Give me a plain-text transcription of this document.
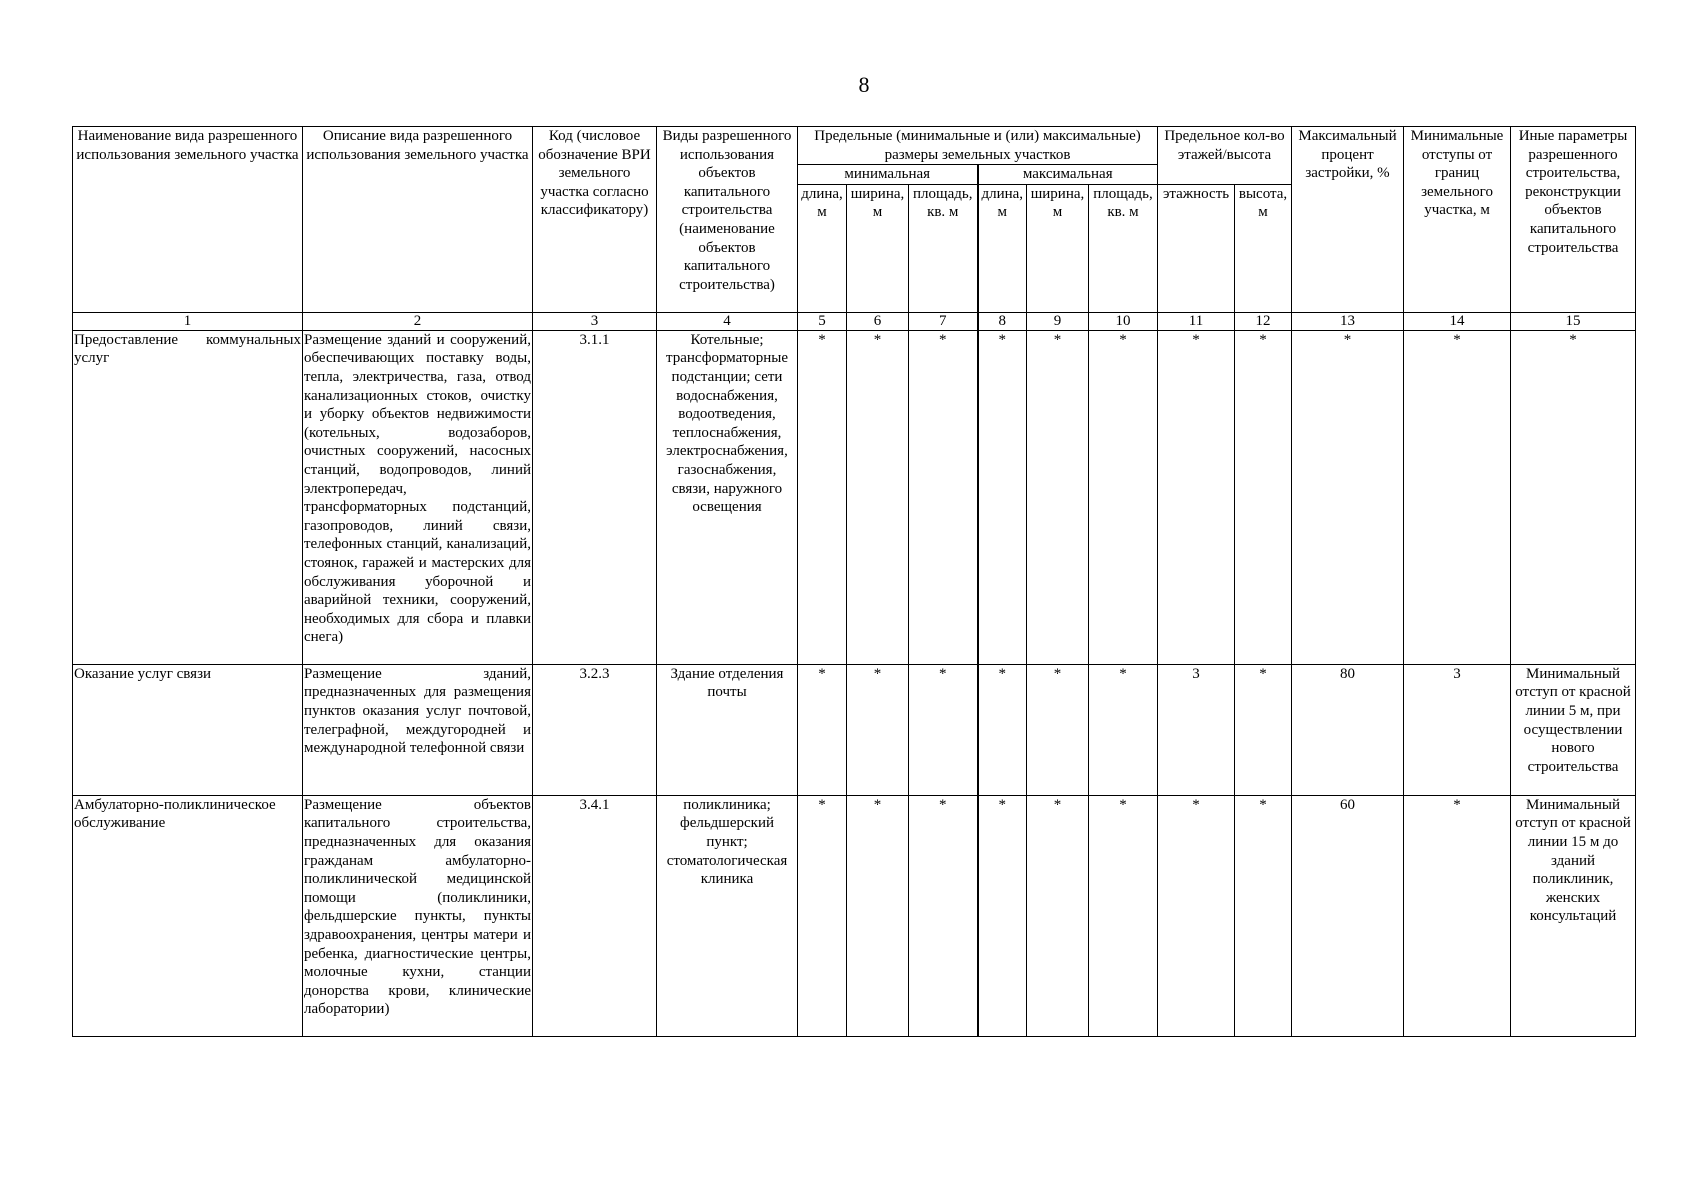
8
Наименование вида разрешенного использования земельного участка	Описание вида разрешенного использования земельного участка	Код (числовое обозначение ВРИ земельного участка согласно классификатору)	Виды разрешенного использования объектов капитального строительства (наименование объектов капитального строительства)	Предельные (минимальные и (или) максимальные) размеры земельных участков						Предельное кол-во этажей/высота		Максимальный процент застройки, %	Минимальные отступы от границ земельного участка, м	Иные параметры разрешенного строительства, реконструкции объектов капитального строительства
				минимальная			максимальная							
				длина, м	ширина, м	площадь, кв. м	длина, м	ширина, м	площадь, кв. м	этажность	высота, м			

1	2	3	4	5	6	7	8	9	10	11	12	13	14	15
Предоставление коммунальных услуг	Размещение зданий и сооружений, обеспечивающих поставку воды, тепла, электричества, газа, отвод канализационных стоков, очистку и уборку объектов недвижимости (котельных, водозаборов, очистных сооружений, насосных станций, водопроводов, линий электропередач, трансформаторных подстанций, газопроводов, линий связи, телефонных станций, канализаций, стоянок, гаражей и мастерских для обслуживания уборочной и аварийной техники, сооружений, необходимых для сбора и плавки снега)	3.1.1	Котельные; трансформаторные подстанции; сети водоснабжения, водоотведения, теплоснабжения, электроснабжения, газоснабжения, связи, наружного освещения	*	*	*	*	*	*	*	*	*	*	*
Оказание услуг связи	Размещение зданий, предназначенных для размещения пунктов оказания услуг почтовой, телеграфной, междугородней и международной телефонной связи	3.2.3	Здание отделения почты	*	*	*	*	*	*	3	*	80	3	Минимальный отступ от красной линии 5 м, при осуществлении нового строительства
Амбулаторно-поликлиническое обслуживание	Размещение объектов капитального строительства, предназначенных для оказания гражданам амбулаторно-поликлинической медицинской помощи (поликлиники, фельдшерские пункты, пункты здравоохранения, центры матери и ребенка, диагностические центры, молочные кухни, станции донорства крови, клинические лаборатории)	3.4.1	поликлиника; фельдшерский пункт; стоматологическая клиника	*	*	*	*	*	*	*	*	60	*	Минимальный отступ от красной линии 15 м до зданий поликлиник, женских консультаций
